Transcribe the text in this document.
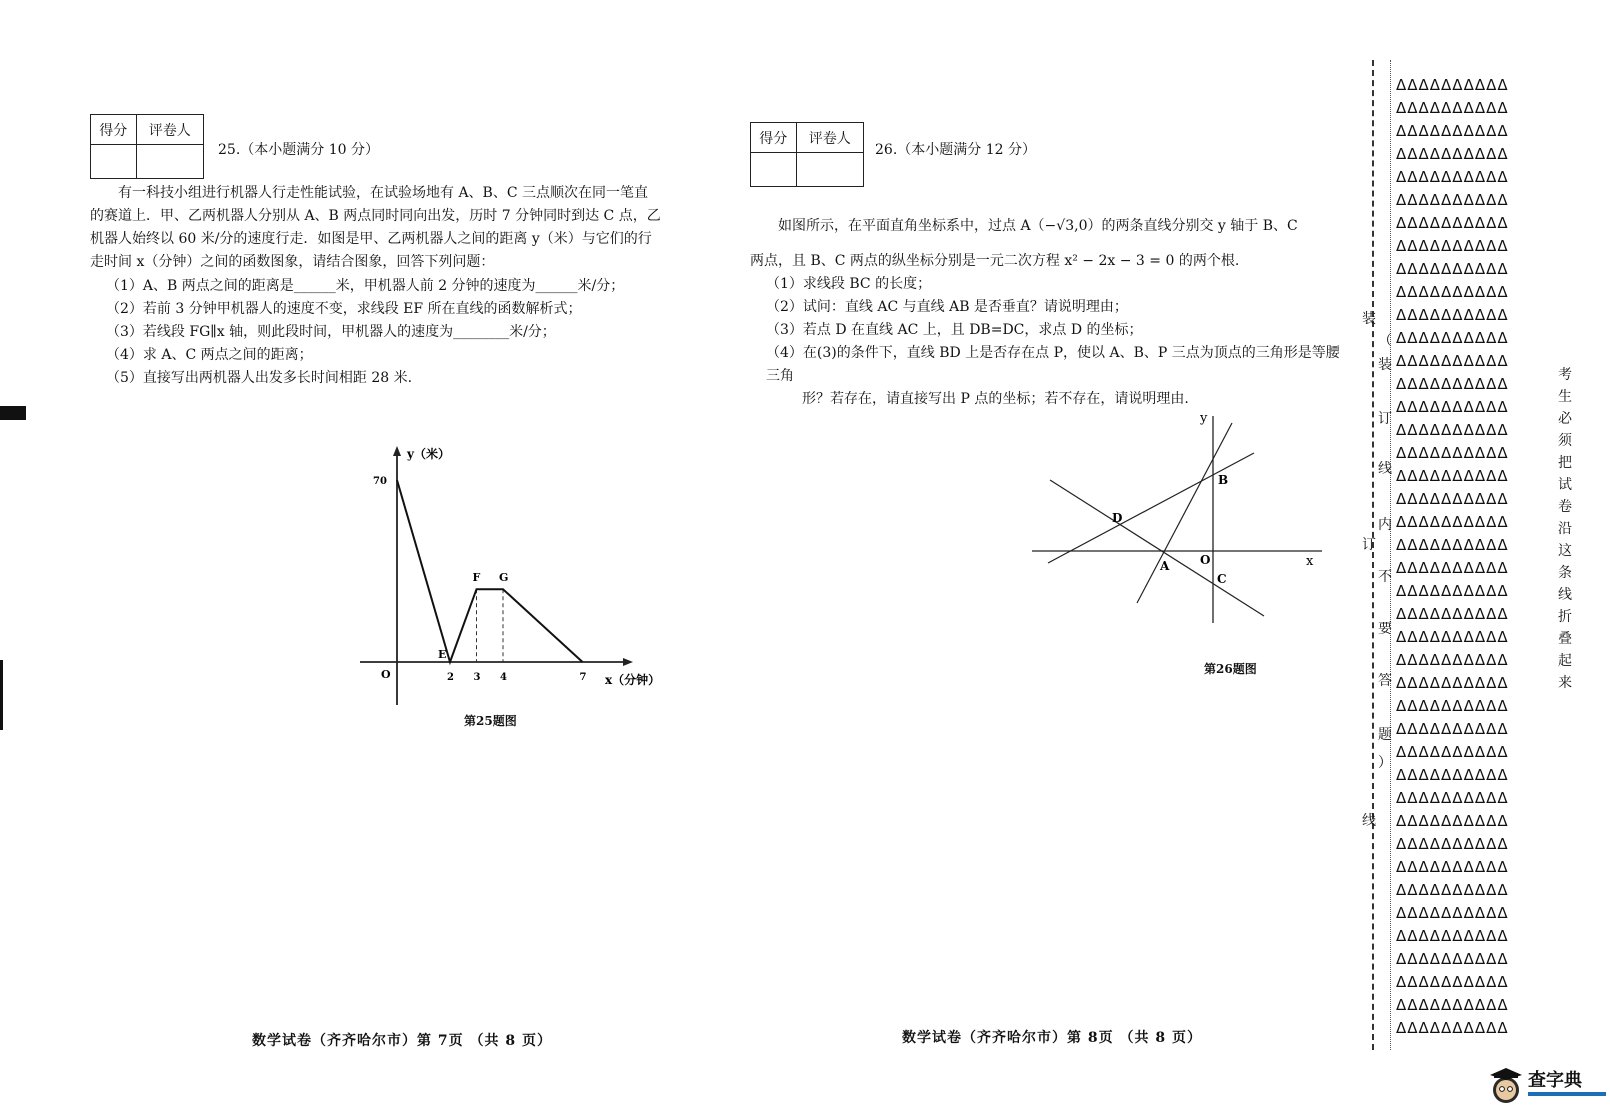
得分	评卷人

25.（本小题满分 10 分）

有一科技小组进行机器人行走性能试验，在试验场地有 A、B、C 三点顺次在同一笔直

的赛道上．甲、乙两机器人分别从 A、B 两点同时同向出发，历时 7 分钟同时到达 C 点，乙

机器人始终以 60 米/分的速度行走．如图是甲、乙两机器人之间的距离 y（米）与它们的行

走时间 x（分钟）之间的函数图象，请结合图象，回答下列问题：

（1）A、B 两点之间的距离是______米，甲机器人前 2 分钟的速度为______米/分；
（2）若前 3 分钟甲机器人的速度不变，求线段 EF 所在直线的函数解析式；
（3）若线段 FG∥x 轴，则此段时间，甲机器人的速度为________米/分；
（4）求 A、C 两点之间的距离；
（5）直接写出两机器人出发多长时间相距 28 米.
y（米）
x（分钟）
O	2 3 4	7
70
E
F G
第25题图
数学试卷（齐齐哈尔市）第 7页 （共 8 页）
得分	评卷人

26.（本小题满分 12 分）

如图所示，在平面直角坐标系中，过点 A（−√3,0）的两条直线分别交 y 轴于 B、C

两点，且 B、C 两点的纵坐标分别是一元二次方程 x² − 2x − 3 = 0 的两个根.

（1）求线段 BC 的长度；
（2）试问：直线 AC 与直线 AB 是否垂直？请说明理由；
（3）若点 D 在直线 AC 上，且 DB=DC，求点 D 的坐标；
（4）在(3)的条件下，直线 BD 上是否存在点 P，使以 A、B、P 三点为顶点的三角形是等腰三角
形？若存在，请直接写出 P 点的坐标；若不存在，请说明理由.
y
x
B
D
A	O
C
第26题图
数学试卷（齐齐哈尔市）第 8页 （共 8 页）
装
订
线
（
装
订
线
内
不
要
答
题
）
ΔΔΔΔΔΔΔΔΔΔ
ΔΔΔΔΔΔΔΔΔΔ
ΔΔΔΔΔΔΔΔΔΔ
ΔΔΔΔΔΔΔΔΔΔ
ΔΔΔΔΔΔΔΔΔΔ
ΔΔΔΔΔΔΔΔΔΔ
ΔΔΔΔΔΔΔΔΔΔ
ΔΔΔΔΔΔΔΔΔΔ
ΔΔΔΔΔΔΔΔΔΔ
ΔΔΔΔΔΔΔΔΔΔ
ΔΔΔΔΔΔΔΔΔΔ
ΔΔΔΔΔΔΔΔΔΔ
ΔΔΔΔΔΔΔΔΔΔ
ΔΔΔΔΔΔΔΔΔΔ
ΔΔΔΔΔΔΔΔΔΔ
ΔΔΔΔΔΔΔΔΔΔ
ΔΔΔΔΔΔΔΔΔΔ
ΔΔΔΔΔΔΔΔΔΔ
ΔΔΔΔΔΔΔΔΔΔ
ΔΔΔΔΔΔΔΔΔΔ
ΔΔΔΔΔΔΔΔΔΔ
ΔΔΔΔΔΔΔΔΔΔ
ΔΔΔΔΔΔΔΔΔΔ
ΔΔΔΔΔΔΔΔΔΔ
ΔΔΔΔΔΔΔΔΔΔ
ΔΔΔΔΔΔΔΔΔΔ
ΔΔΔΔΔΔΔΔΔΔ
ΔΔΔΔΔΔΔΔΔΔ
ΔΔΔΔΔΔΔΔΔΔ
ΔΔΔΔΔΔΔΔΔΔ
ΔΔΔΔΔΔΔΔΔΔ
ΔΔΔΔΔΔΔΔΔΔ
ΔΔΔΔΔΔΔΔΔΔ
ΔΔΔΔΔΔΔΔΔΔ
ΔΔΔΔΔΔΔΔΔΔ
ΔΔΔΔΔΔΔΔΔΔ
ΔΔΔΔΔΔΔΔΔΔ
ΔΔΔΔΔΔΔΔΔΔ
ΔΔΔΔΔΔΔΔΔΔ
ΔΔΔΔΔΔΔΔΔΔ
ΔΔΔΔΔΔΔΔΔΔ
ΔΔΔΔΔΔΔΔΔΔ
考
生
必
须
把
试
卷
沿
这
条
线
折
叠
起
来
查字典
